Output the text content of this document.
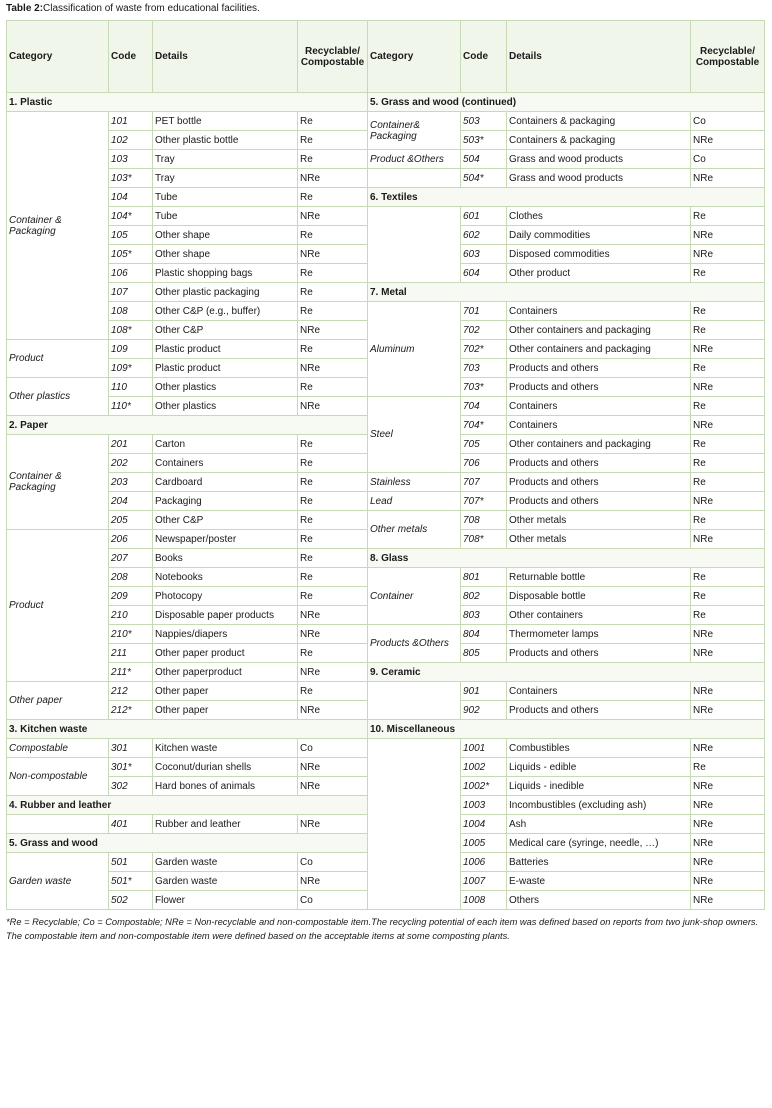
Table 2:Classification of waste from educational facilities.
Category	Code	Details	Recyclable/
Compostable	Category	Code	Details	Recyclable/
Compostable
1. Plastic				5. Grass and wood (continued)			
Container & Packaging	101	PET bottle	Re	Container& Packaging	503	Containers & packaging	Co
	102	Other plastic bottle	Re		503*	Containers & packaging	NRe
	103	Tray	Re	Product &Others	504	Grass and wood products	Co
	103*	Tray	NRe		504*	Grass and wood products	NRe
	104	Tube	Re	6. Textiles			
	104*	Tube	NRe		601	Clothes	Re
	105	Other shape	Re		602	Daily commodities	NRe
	105*	Other shape	NRe		603	Disposed commodities	NRe
	106	Plastic shopping bags	Re		604	Other product	Re
	107	Other plastic packaging	Re	7. Metal			
	108	Other C&P (e.g., buffer)	Re	Aluminum	701	Containers	Re
	108*	Other C&P	NRe		702	Other containers and packaging	Re
Product	109	Plastic product	Re		702*	Other containers and packaging	NRe
	109*	Plastic product	NRe		703	Products and others	Re
Other plastics	110	Other plastics	Re		703*	Products and others	NRe
	110*	Other plastics	NRe	Steel	704	Containers	Re
2. Paper					704*	Containers	NRe
Container & Packaging	201	Carton	Re		705	Other containers and packaging	Re
	202	Containers	Re		706	Products and others	Re
	203	Cardboard	Re	Stainless	707	Products and others	Re
	204	Packaging	Re	Lead	707*	Products and others	NRe
	205	Other C&P	Re	Other metals	708	Other metals	Re
Product	206	Newspaper/poster	Re		708*	Other metals	NRe
	207	Books	Re	8. Glass			
	208	Notebooks	Re	Container	801	Returnable bottle	Re
	209	Photocopy	Re		802	Disposable bottle	Re
	210	Disposable paper products	NRe		803	Other containers	Re
	210*	Nappies/diapers	NRe	Products &Others	804	Thermometer lamps	NRe
	211	Other paper product	Re		805	Products and others	NRe
	211*	Other paperproduct	NRe	9. Ceramic			
Other paper	212	Other paper	Re		901	Containers	NRe
	212*	Other paper	NRe		902	Products and others	NRe
3. Kitchen waste				10. Miscellaneous			
Compostable	301	Kitchen waste	Co		1001	Combustibles	NRe
Non-compostable	301*	Coconut/durian shells	NRe		1002	Liquids - edible	Re
	302	Hard bones of animals	NRe		1002*	Liquids - inedible	NRe
4. Rubber and leather					1003	Incombustibles (excluding ash)	NRe
	401	Rubber and leather	NRe		1004	Ash	NRe
5. Grass and wood					1005	Medical care (syringe, needle, …)	NRe
Garden waste	501	Garden waste	Co		1006	Batteries	NRe
	501*	Garden waste	NRe		1007	E-waste	NRe
	502	Flower	Co		1008	Others	NRe
*Re = Recyclable; Co = Compostable; NRe = Non-recyclable and non-compostable item.The recycling potential of each item was defined based on reports from two junk-shop owners. The compostable item and non-compostable item were defined based on the acceptable items at some composting plants.
